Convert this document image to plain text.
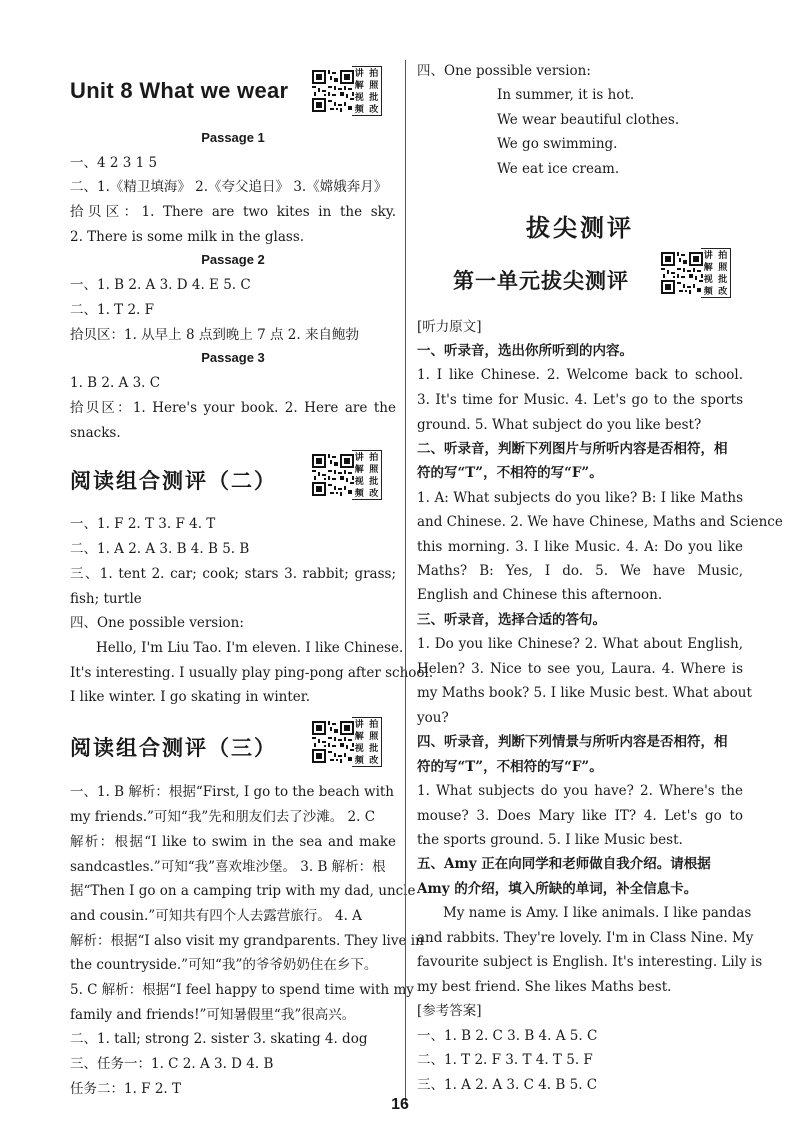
Unit 8 What we wear
讲 拍
解 照
视 批
频 改
Passage 1
一、4 2 3 1 5
二、1.《精卫填海》 2.《夸父追日》 3.《嫦娥奔月》
拾贝区：1. There are two kites in the sky.
2. There is some milk in the glass.
Passage 2
一、1. B 2. A 3. D 4. E 5. C
二、1. T 2. F
拾贝区：1. 从早上 8 点到晚上 7 点 2. 来自鲍勃
Passage 3
1. B 2. A 3. C
拾贝区：1. Here's your book. 2. Here are the
snacks.
阅读组合测评（二）
讲 拍
解 照
视 批
频 改
一、1. F 2. T 3. F 4. T
二、1. A 2. A 3. B 4. B 5. B
三、1. tent 2. car; cook; stars 3. rabbit; grass;
fish; turtle
四、One possible version:
Hello, I'm Liu Tao. I'm eleven. I like Chinese.
It's interesting. I usually play ping-pong after school.
I like winter. I go skating in winter.
阅读组合测评（三）
讲 拍
解 照
视 批
频 改
一、1. B 解析：根据“First, I go to the beach with
my friends.”可知“我”先和朋友们去了沙滩。 2. C
解析：根据“I like to swim in the sea and make
sandcastles.”可知“我”喜欢堆沙堡。 3. B 解析：根
据“Then I go on a camping trip with my dad, uncle
and cousin.”可知共有四个人去露营旅行。 4. A
解析：根据“I also visit my grandparents. They live in
the countryside.”可知“我”的爷爷奶奶住在乡下。
5. C 解析：根据“I feel happy to spend time with my
family and friends!”可知暑假里“我”很高兴。
二、1. tall; strong 2. sister 3. skating 4. dog
三、任务一：1. C 2. A 3. D 4. B
任务二：1. F 2. T
四、One possible version:
In summer, it is hot.
We wear beautiful clothes.
We go swimming.
We eat ice cream.
拔尖测评
第一单元拔尖测评
讲 拍
解 照
视 批
频 改
[听力原文]
一、听录音，选出你所听到的内容。
1. I like Chinese. 2. Welcome back to school.
3. It's time for Music. 4. Let's go to the sports
ground. 5. What subject do you like best?
二、听录音，判断下列图片与所听内容是否相符，相
符的写“T”，不相符的写“F”。
1. A: What subjects do you like? B: I like Maths
and Chinese. 2. We have Chinese, Maths and Science
this morning. 3. I like Music. 4. A: Do you like
Maths? B: Yes, I do. 5. We have Music,
English and Chinese this afternoon.
三、听录音，选择合适的答句。
1. Do you like Chinese? 2. What about English,
Helen? 3. Nice to see you, Laura. 4. Where is
my Maths book? 5. I like Music best. What about
you?
四、听录音，判断下列情景与所听内容是否相符，相
符的写“T”，不相符的写“F”。
1. What subjects do you have? 2. Where's the
mouse? 3. Does Mary like IT? 4. Let's go to
the sports ground. 5. I like Music best.
五、Amy 正在向同学和老师做自我介绍。请根据
Amy 的介绍，填入所缺的单词，补全信息卡。
My name is Amy. I like animals. I like pandas
and rabbits. They're lovely. I'm in Class Nine. My
favourite subject is English. It's interesting. Lily is
my best friend. She likes Maths best.
[参考答案]
一、1. B 2. C 3. B 4. A 5. C
二、1. T 2. F 3. T 4. T 5. F
三、1. A 2. A 3. C 4. B 5. C
16
